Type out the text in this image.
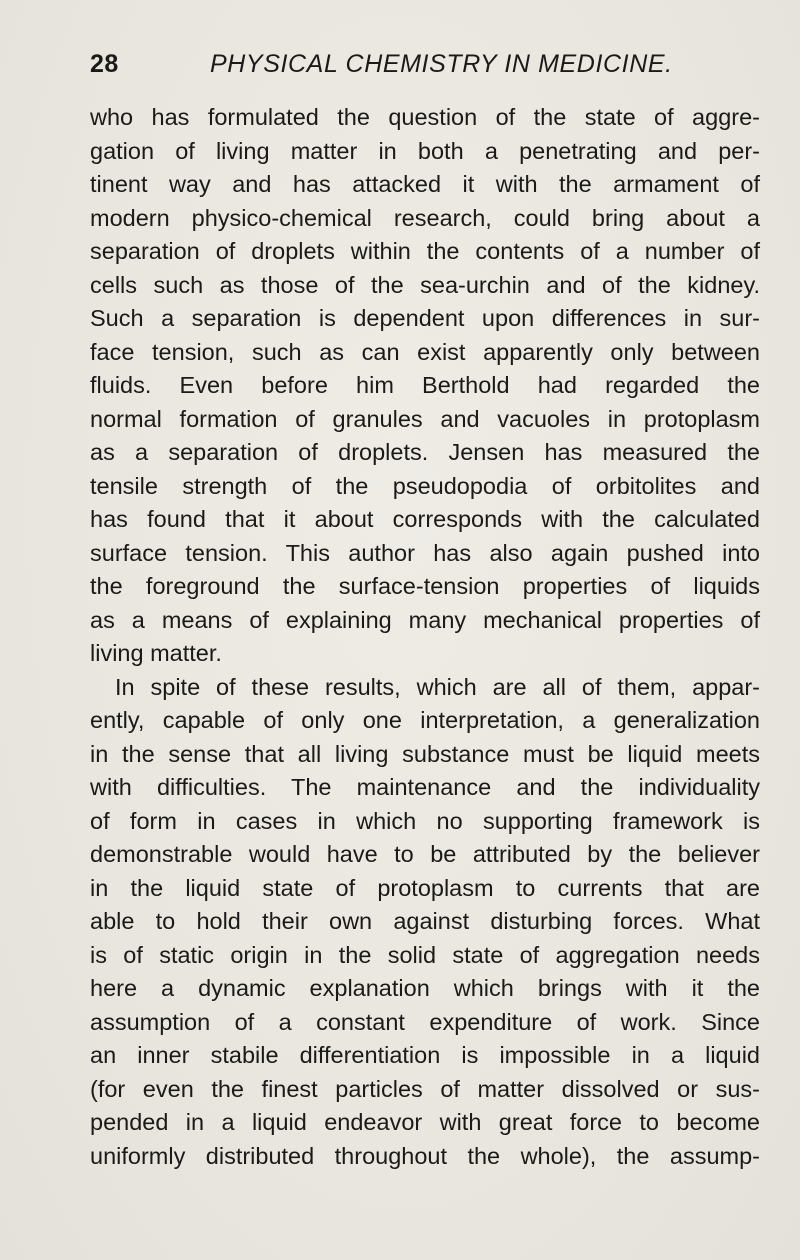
28	PHYSICAL CHEMISTRY IN MEDICINE.
who has formulated the question of the state of aggre-
gation of living matter in both a penetrating and per-
tinent way and has attacked it with the armament of
modern physico-chemical research, could bring about a
separation of droplets within the contents of a number of
cells such as those of the sea-urchin and of the kidney.
Such a separation is dependent upon differences in sur-
face tension, such as can exist apparently only between
fluids. Even before him Berthold had regarded the
normal formation of granules and vacuoles in protoplasm
as a separation of droplets. Jensen has measured the
tensile strength of the pseudopodia of orbitolites and
has found that it about corresponds with the calculated
surface tension. This author has also again pushed into
the foreground the surface-tension properties of liquids
as a means of explaining many mechanical properties of
living matter.
In spite of these results, which are all of them, appar-
ently, capable of only one interpretation, a generalization
in the sense that all living substance must be liquid meets
with difficulties. The maintenance and the individuality
of form in cases in which no supporting framework is
demonstrable would have to be attributed by the believer
in the liquid state of protoplasm to currents that are
able to hold their own against disturbing forces. What
is of static origin in the solid state of aggregation needs
here a dynamic explanation which brings with it the
assumption of a constant expenditure of work. Since
an inner stabile differentiation is impossible in a liquid
(for even the finest particles of matter dissolved or sus-
pended in a liquid endeavor with great force to become
uniformly distributed throughout the whole), the assump-
